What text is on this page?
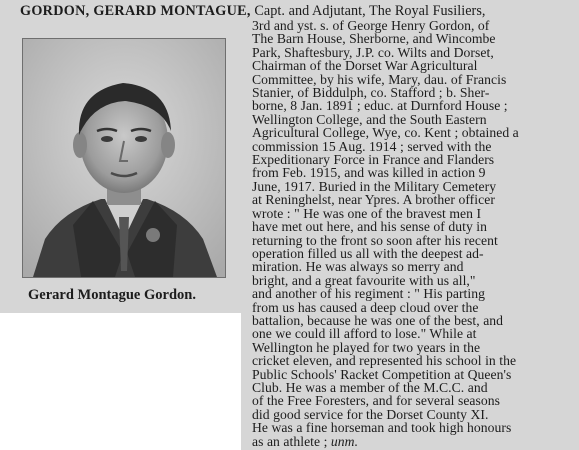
GORDON, GERARD MONTAGUE, Capt. and Adjutant, The Royal Fusiliers,
Gerard Montague Gordon.
3rd and yst. s. of George Henry Gordon, of
The Barn House, Sherborne, and Wincombe
Park, Shaftesbury, J.P. co. Wilts and Dorset,
Chairman of the Dorset War Agricultural
Committee, by his wife, Mary, dau. of Francis
Stanier, of Biddulph, co. Stafford ; b. Sher-
borne, 8 Jan. 1891 ; educ. at Durnford House ;
Wellington College, and the South Eastern
Agricultural College, Wye, co. Kent ; obtained a
commission 15 Aug. 1914 ; served with the
Expeditionary Force in France and Flanders
from Feb. 1915, and was killed in action 9
June, 1917. Buried in the Military Cemetery
at Reninghelst, near Ypres. A brother officer
wrote : " He was one of the bravest men I
have met out here, and his sense of duty in
returning to the front so soon after his recent
operation filled us all with the deepest ad-
miration. He was always so merry and
bright, and a great favourite with us all,"
and another of his regiment : " His parting
from us has caused a deep cloud over the
battalion, because he was one of the best, and
one we could ill afford to lose." While at
Wellington he played for two years in the
cricket eleven, and represented his school in the
Public Schools' Racket Competition at Queen's
Club. He was a member of the M.C.C. and
of the Free Foresters, and for several seasons
did good service for the Dorset County XI.
He was a fine horseman and took high honours
as an athlete ; unm.
